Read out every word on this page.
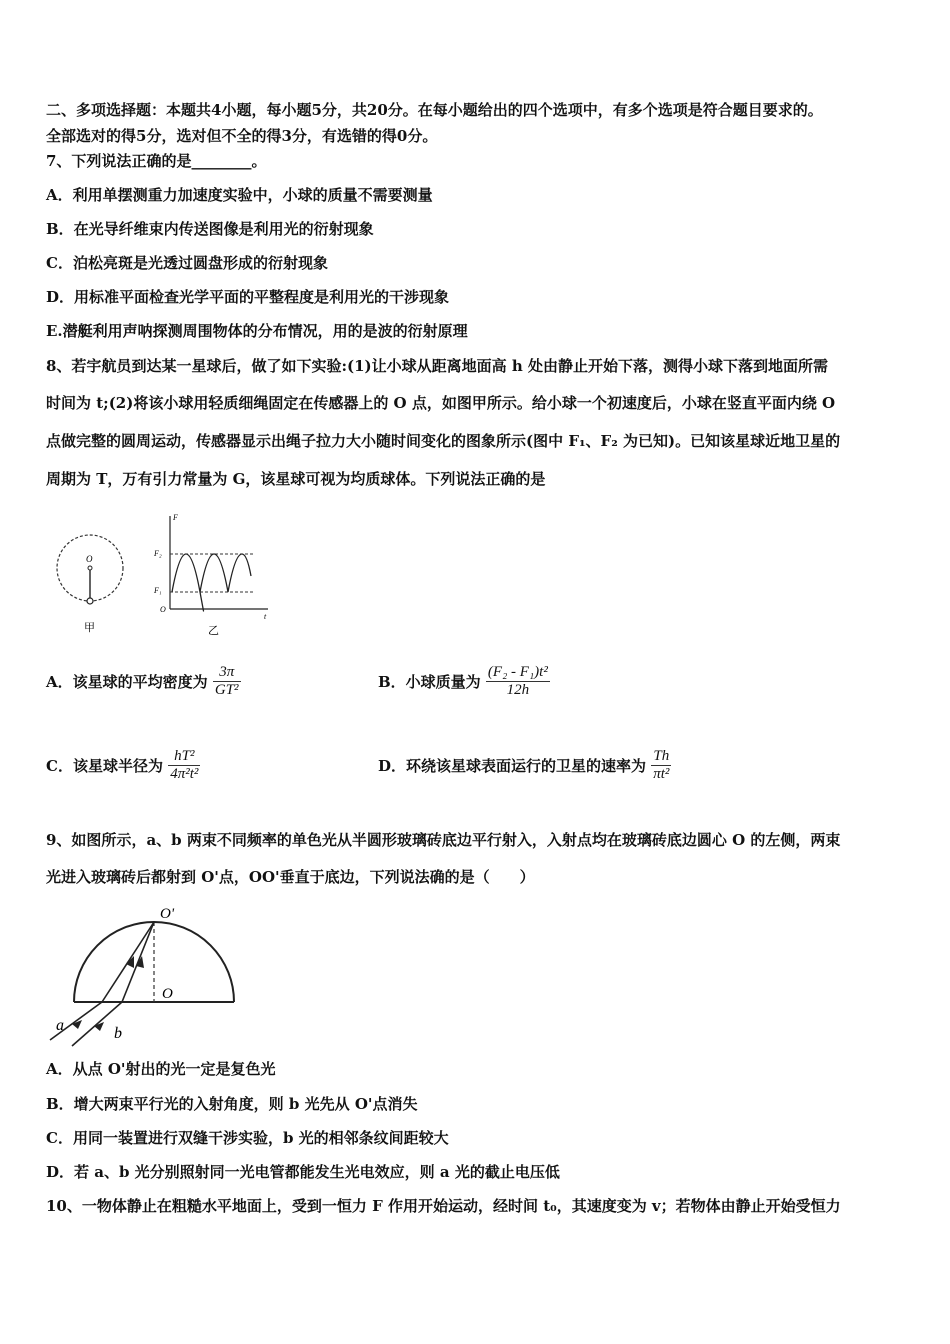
二、多项选择题：本题共4小题，每小题5分，共20分。在每小题给出的四个选项中，有多个选项是符合题目要求的。
全部选对的得5分，选对但不全的得3分，有选错的得0分。
7、下列说法正确的是________。
A．利用单摆测重力加速度实验中，小球的质量不需要测量
B．在光导纤维束内传送图像是利用光的衍射现象
C．泊松亮斑是光透过圆盘形成的衍射现象
D．用标准平面检查光学平面的平整程度是利用光的干涉现象
E.潜艇利用声呐探测周围物体的分布情况，用的是波的衍射原理
8、若宇航员到达某一星球后，做了如下实验:(1)让小球从距离地面高 h 处由静止开始下落，测得小球下落到地面所需
时间为 t;(2)将该小球用轻质细绳固定在传感器上的 O 点，如图甲所示。给小球一个初速度后，小球在竖直平面内绕 O
点做完整的圆周运动，传感器显示出绳子拉力大小随时间变化的图象所示(图中 F₁、F₂ 为已知)。已知该星球近地卫星的
周期为 T，万有引力常量为 G，该星球可视为均质球体。下列说法正确的是
O
甲
F
t
O
F₂
F₁
乙
A．该星球的平均密度为 $\frac{3\pi}{\text{GT²}}$	B．小球质量为 $\frac{\text{(F₂ - F₁)t²}}{12h}$
C．该星球半径为 $\frac{\text{hT²}}{\text{4π²t²}}$	D．环绕该星球表面运行的卫星的速率为 $\frac{Th}{\text{πt²}}$
9、如图所示，a、b 两束不同频率的单色光从半圆形玻璃砖底边平行射入，入射点均在玻璃砖底边圆心 O 的左侧，两束
光进入玻璃砖后都射到 O'点，OO'垂直于底边，下列说法确的是（　　）
O'
O
a	b
A．从点 O'射出的光一定是复色光
B．增大两束平行光的入射角度，则 b 光先从 O'点消失
C．用同一装置进行双缝干涉实验，b 光的相邻条纹间距较大
D．若 a、b 光分别照射同一光电管都能发生光电效应，则 a 光的截止电压低
10、一物体静止在粗糙水平地面上，受到一恒力 F 作用开始运动，经时间 t₀，其速度变为 v；若物体由静止开始受恒力
